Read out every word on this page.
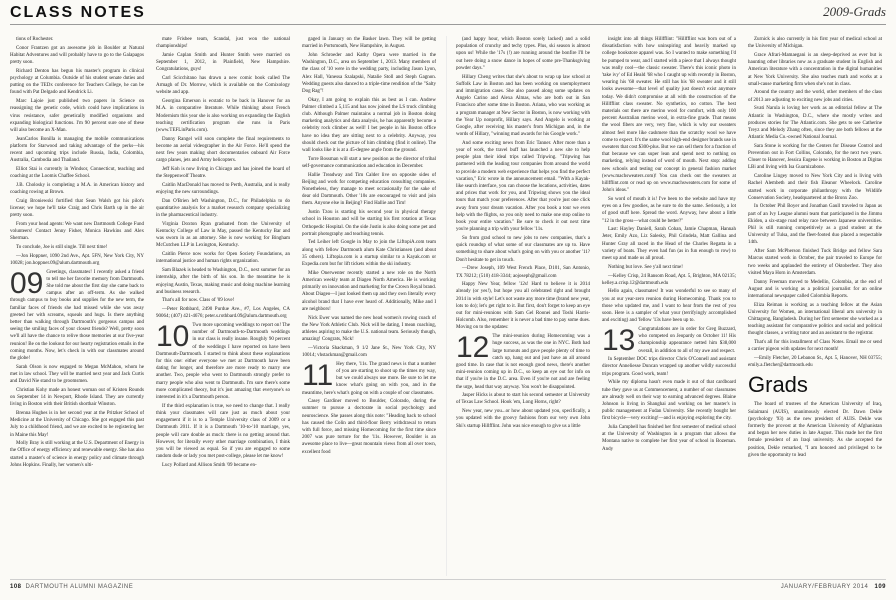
CLASS NOTES	2009-Grads

tions of Rochester.

Conor Frantzen got an awesome job in Boulder at Natural Habitat Adventures and will probably have to go to the Galapagos pretty soon.

Richard Denton has begun his master's program in clinical psychology at Columbia. Outside of his student senate duties and putting on the TEDx conference for Teachers College, he can be found with Pat Delgado and Kendrick Li.

Marc Lajoie just published two papers in Science on reassigning the genetic code, which could have implications in virus resistance, safer genetically modified organisms and expanding biological functions. I'm 90 percent sure one of these will also become an X-Man.

JeanCarlos Bonilla is managing the mobile communications platform for Starwood and taking advantage of the perks—his recent and upcoming trips include Russia, India, Colombia, Australia, Cambodia and Thailand.

Elliot Stai is currently in Windsor, Connecticut, teaching and coaching at the Loomis Chaffee School.

J.B. Cholosky is completing a M.A. in American history and coaching rowing at Brown.

Craig Broniewski fortified that Sean Walsh got his pilot's license; we hope he'll take Craig and Chris Barth up in the air pretty soon.

From your head agents: We want new Dartmouth College Fund volunteers! Contact Jenny Fisher, Monica Hawkins and Alex Sherman.

To conclude, Joe is still single. Till next time!

—Jon Hoppner, 1090 2nd Ave., Apt. 5FN, New York City, NY 10028; jon.hoppner.09@alum.dartmouth.org

09 Greetings, classmates! I recently asked a friend to tell me her favorite memory from Dartmouth. She told me about the first day she came back to campus after an off-term. As she walked through campus to buy books and supplies for the new term, the familiar faces of friends she had missed while she was away greeted her with screams, squeals and hugs. Is there anything better than walking through Dartmouth's gorgeous campus and seeing the smiling faces of your closest friends? Well, pretty soon we'll all have the chance to relive those memories at our five-year reunion! Be on the lookout for our hearty registration emails in the coming months. Now, let's check in with our classmates around the globe!

Sarah Olson is now engaged to Megan McMahon, whom he met in law school. They will be married next year and Jack Curtis and David Nie stand to be groomsmen.

Christian Kohy made an honest woman out of Kristen Rounds on September 14 in Newport, Rhode Island. They are currently living in Boston with their British shorthair Winston.

Brenna Hughes is in her second year at the Pritzker School of Medicine at the University of Chicago. She got engaged this past July to a childhood friend, and we are excited to be registering her in Maine this May!

Molly Bray is still working at the U.S. Department of Energy in the Office of energy efficiency and renewable energy. She has also started a master's of science in energy policy and climate through Johns Hopkins. Finally, her women's ulti-

mate Frisbee team, Scandal, just won the national championships!

Jamie Caplan Smith and Hunter Smith were married on September 1, 2012, in Plainfield, New Hampshire. Congratulations, guys!

Carl Scicchitano has drawn a new comic book called The Armagh of Dr. Morrow, which is available on the Comixology website and app.

Georgina Emerson is ecstatic to be back in Hanover for an M.A. in comparative literature. While thinking about French Modernism this year she is also working on expanding the English teaching certification program she runs in Paris (www.TEFLinParis.com).

Danny Rangel will soon complete the final requirements to become an aerial videographer in the Air Force. He'll spend the next few years making short documentaries onboard Air Force cargo planes, jets and Army helicopters.

Jeff Koh is now living in Chicago and has joined the board of the Steppenwolf Theatre.

Caitlin MacDonald has moved to Perth, Australia, and is really enjoying the new surroundings.

Dan O'Brien left Washington, D.C., for Philadelphia to do quantitative analysis for a market research company specializing in the pharmaceutical industry.

Virginia Doxton Ryan graduated from the University of Kentucky College of Law in May, passed the Kentucky Bar and was sworn in as an attorney. She is now working for Bingham McCutchen LLP in Lexington, Kentucky.

Caitlin Pierce now works for Open Society Foundations, an international justice and human rights organization.

Sam Blazek is headed to Washington, D.C., next summer for an internship, after the birth of his son. In the meantime he is enjoying Austin, Texas, making music and doing machine learning and business research.

That's all for now. Class of '09 love!

—Peter Rothbard, 2490 Purdue Ave., #7, Los Angeles, CA 90064; (407) 421-4676; peter.s.rothbard.09@alum.dartmouth.org

10 Two more upcoming weddings to report on! The number of Dartmouth-to-Dartmouth weddings in our class is really insane. Roughly 90 percent of the weddings I have reported on have been Dartmouth-Dartmouth. I started to think about these explanations for this one: either everyone we met at Dartmouth have been dating for longer, and therefore are more ready to marry one another. Two, people who went to Dartmouth strongly prefer to marry people who also went to Dartmouth. I'm sure there's some more complicated theory, but it's just amazing that everyone's so interested in it's a Dartmouth person.

If the third explanation is true, we need to change that. I really think your classmates will care just as much about your engagement if it is to a Temple University class of 2009 or a Dartmouth 2011. If it is a Dartmouth '10-to-'10 marriage, yes, people will care double as much: there is no getting around that. However, for literally every other marriage combination, I think you will be viewed as equal. So if you are engaged to some random dude or lady you met post-college, please let me know!

Lucy Pollard and Allison Smith '09 became en-

gaged in January on the Basker lawn. They will be getting married in Portsmouth, New Hampshire, in August.

John Schroeder and Kathy Opera were married in the Washington, D.C., area on September 1, 2013. Many members of the class of '10 were in the wedding party, including Jason Lyon, Alex Hall, Vanessa Szalapski, Natalie Stoll and Steph Gagnon. Wedding guests also danced to a triple-time rendition of the "Salty Dog Rag"!

Okay, I am going to explain this as best as I can. Andrew Palmer climbed a 5,115 and has now joined the LS truck climbing club. Although Palmer maintains a normal job in Boston doing marketing analytics and data analysis, he has apparently become a celebrity rock climber as well! I bet people in his Boston office have no idea they are sitting next to a celebrity. Anyway, you should check out the picture of him climbing (find it online). The wall looks like it is at a 45-degree angle from the ground.

Torre Bossman will start a new position as the director of tribal self-governance communication and education in December.

Hallie Treadway and Tim Calder live on opposite sides of Beijing and work for competing education consulting companies. Nonetheless, they manage to meet occasionally for the sake of dear old Dartmouth. Other '10s are encouraged to visit and join them. Anyone else in Beijing? Find Hallie and Tim!

Justin Tzou is starting his second year in physical therapy school in Houston and will be starting his first rotation at Texas Orthopedic Hospital. On the side Justin is also doing some pet and portrait photography and teaching tennis.

Ted Leiher left Google in May to join the LiftopiA.com team along with fellow Dartmouth alum Kate Christiansen (and about 35 others). Liftopia.com is a startup similar to a Kayak.com or Expedia.com but for lift tickets within the ski industry.

Mike Onerwenter recently started a new role on the North American weekly team at Diageo North America. He is working primarily on innovation and marketing for the Crown Royal brand. About Diageo—I just looked them up and they own literally every alcohol brand that I have ever heard of. Additionally, Mike and I are neighbors!

Nick Ewer was named the new head women's rowing coach of the New York Athletic Club. Nick will be dating, I mean coaching, athletes aspiring to make the U.S. national team. Seriously though, amazing! Congrats, Nick!

—Victoria Shackman, 9 1/2 Jane St., New York City, NY 10014; vhstackman@gmail.com

11 Hey there, '11s. The grand news is that a number of you are starting to shoot up the times my way, but we could always use more. Be sure to let me know what's going on with you, and in the meantime, here's what's going on with a couple of our classmates.

Casey Gardiner moved to Boulder, Colorado, during the summer to pursue a doctorate in social psychology and neuroscience. She passes along this note: "Heading back to school has caused the Colin and third-floor Berry withdrawal to return with full force, and missing Homecoming for the first time since 2007 was pure torture for the '11s. However, Boulder is an awesome place to live—great mountain views from all over town, excellent food

(and happy hour, which Boston sorely lacked) and a solid population of crunchy and techy types. Plus, ski season is almost upon us! While the '17s (!) are running around the bonfire I'll be out here doing a snow dance in hopes of some pre-Thanksgiving powder days."

Hillary Cheng writes that she's about to wrap up law school at Suffolk Law in Boston and has been working on unemployment and immigration cases. She also passed along some updates on Angelo Carino and Alexa Almas, who are both out in San Francisco after some time in Boston. Ariana, who was working as a program manager at New Sector in Boston, is now working with the Year Up nonprofit, Hillary says. And Angelo is working at Google, after receiving his master's from Michigan and, in the words of Hillary, "winning mad awards for his Google work."

And some exciting news from Eric Tanner. After more than a year of work, the travel buff has launched a new site to help people plan their ideal trips called Tripwing. "Tripwing has partnered with the leading tour companies from around the world to provide a modern web experience that helps you find the perfect vacation," Eric wrote in the announcement email. "With a Kayak-like search interface, you can choose the locations, activities, dates and prices that work for you, and Tripwing shows you the ideal tours that match your preferences. After that you're just one click away from your dream vacation. After you book a tour we even help with the flights, so you only need to make one stop online to book your entire vacation." Be sure to check it out next time you're planning a trip with your fellow '11s.

So from grad school to new jobs to new companies, that's a quick roundup of what some of our classmates are up to. Have something to share about what's going on with you or another '11? Don't hesitate to get in touch.

—Drew Joseph, 109 West French Place, D101, San Antonio, TX 78212; (510) 418-3344; aojoseph@gmail.com

Happy New Year, fellow '12s! Hard to believe it is 2014 already (or yes!), but hope you all celebrated right and brought 2014 in with style! Let's not waste any more time (brand new year, lots to do); let's get right to it. But first, don't forget to keep an eye out for mini-reunions with Sam Gel Roonei and Toshi Harris-Holcomb. Also, remember it is never a bad time to pay some dues. Moving on to the updates:

12 The mini-reunion during Homecoming was a huge success, as was the one in NYC. Both had large turnouts and gave people plenty of time to catch up, hang out and just have an all around good time. In case that is not enough good news, there's another mini-reunion coming up in D.C., so keep an eye out for info on that if you're in the D.C. area. Even if you're not and are feeling the urge, head that way anyway. You won't be disappointed.

Jasper Hicks is about to start his second semester at University of Texas Law School. Hook 'em, Long Horns, right?

New year, new you...or how about updated you, specifically, a you updated with the groovy fashions from our very own John Shi's startup Hillfflint. John was nice enough to give us a little

insight into all things Hillfflint: "Hillfflint was born out of a dissatisfaction with how uninspiring and heavily marked up college bookstore apparel was. So I wanted to make something I'd be pumped to wear, and I started with a piece that I always thought was really cool—the classic sweater. There's this iconic photo in 'take ivy' of Ed Heald '68 who I caught up with recently in Boston, wearing his '68 sweater. He still has his '68 sweater and it still looks awesome—that level of quality just doesn't exist anymore today. We didn't compromise at all with the construction of the Hillfflint class sweater. No synthetics, no cotton. The best materials out there are merino wool for comfort, with only 100 percent Australian merino wool, in extra-fine grade. That means the wool fibers are very, very fine, which is why our sweaters almost feel more like cashmere than the scratchy wool we have come to expect. It's the same wool high-end designer brands use in sweaters that cost $300-plus. But we can sell them for a fraction of that because we can super lean and spend next to nothing on marketing, relying instead of word of mouth. Next stop: adding new schools and testing our concept in general fashion market (www.machsweaters.com)! You can check out the sweaters at hillfflint.com or read up on www.machsweaters.com for some of John's ideas."

So word of mouth it is! I've been to the website and have my eyes on a few goodies, as he sure to do the same. Seriously, a lot of good stuff here. Spread the word. Anyway, how about a little "12 in the gross—what could be better?"

Last: Hayley Daniell, Sarah Cohan, Jamie Chapman, Hannah Jeter, Emily Azo, Liz Salesky, Phil Grindela, Matt Gallina and Hunter Gray all raced in the Head of the Charles Regatta in a variety of boats. They even had fun (as in fun enough to row) to meet up and made us all proud.

Nothing but love. See y'all next time!

—Kelley Crisp, 24 Ransom Road, Apt. 5, Brighton, MA 02135; kelley.a.crisp.12@dartmouth.edu

Hello again, classmates! It was wonderful to see so many of you at our year-zero reunion during Homecoming. Thank you to those who updated me, and I want to hear from the rest of you soon. Here is a sampler of what your (terrifyingly accomplished and exciting) and 'fellow '13s have been up to.

13 Congratulations are in order for Greg Buzzard, who competed on Jeopardy on October 11! His championship appearance netted him $38,000 overall, in addition to all of my awe and respect.

In September DOC trips director Chris O'Connell and assistant director Anneliesse Duncan wrapped up another wildly successful trips program. Good work, team!

While my diploma hasn't even made it out of that cardboard tube they gave us at Commencement, a number of our classmates are already well on their way to earning advanced degrees. Blaine Johnson is living in Shanghai and working on her master's in public management at Fudan University. She recently bought her first bicycle—very exciting!—and is enjoying exploring the city.

Julia Campbell has finished her first semester of medical school at the University of Washington in a program that allows the Montana native to complete her first year of school in Bozeman. Andy

Zurnick is also currently in his first year of medical school at the University of Michigan.

Grace Afrari-Mamaegani is an sleep-deprived as ever but is haunting other libraries now as a graduate student in English and American literature with a concentration in the digital humanities at New York University. She also teaches math and works at a small-cause marketing firm when she's not in class.

Around the country and the world, other members of the class of 2013 are adjusting to exciting new jobs and cities.

Svati Narula is loving her work as an editorial fellow at The Atlantic in Washington, D.C., where she mostly writes and produces stories for The Atlantic.com. She gets to see Catherine Treyz and Melody Zhang often, since they are both fellows at the Atlantic Media Co.-owned National Journal.

Sara Stone is working for the Centers for Disease Control and Prevention out in Fort Collins, Colorado, for the next two years. Closer to Hanover, Jessica Eugene is working in Boston at Digitas LBi and living with Isa Guarnizabone.

Caroline Lingey moved to New York City and is living with Rachel Alembeth and their fish Eleanor Wheelock. Caroline started work in corporate philanthropy with the Wildlife Conservation Society, headquartered at the Bronx Zoo.

In October Phil Boyer and Jonathan Gaull traveled to Japan as part of an Ivy League alumni team that participated in the Jimmu Ekiden, a six-stage road relay race between Japanese universities. Phil is still running competitively as a grad student at the University of Tulsa, and the fleet-footed duo placed a respectable 14th.

After Sam McPherson finished Tuck Bridge and fellow Sara Marcus started work in October, the pair traveled to Europe for two weeks and applauded the entirety of Oktoberfest. They also visited Maya Horn in Amsterdam.

Danny Freeman moved to Medellin, Colombia, at the end of August and is working as a political journalist for an online international newspaper called Colombia Reports.

Eliza Reiman is working as a teaching fellow at the Asian University for Women, an international liberal arts university in Chittagong, Bangladesh. During her first semester she worked as a teaching assistant for comparative politics and social and political thought classes, a writing tutor and an assistant to the registrar.

That's all for this installment of Class Notes. Email me or send a carrier pigeon with updates for next month!

—Emily Fletcher, 20 Lebanon St., Apt. 5, Hanover, NH 03755; emily.a.fletcher@dartmouth.edu

Grads

The board of trustees of the American University of Iraq, Sulaimani (AUIS), unanimously elected Dr. Dawn Dekle (psychology '93) as the new president of AUIS. Dekle was formerly the provost at the American University of Afghanistan and began her new duties in late August. This made her the first female president of an Iraqi university. As she accepted the position, Dekle remarked, "I am honored and privileged to be given the opportunity to lead

108 DARTMOUTH ALUMNI MAGAZINE	JANUARY/FEBRUARY 2014 109
